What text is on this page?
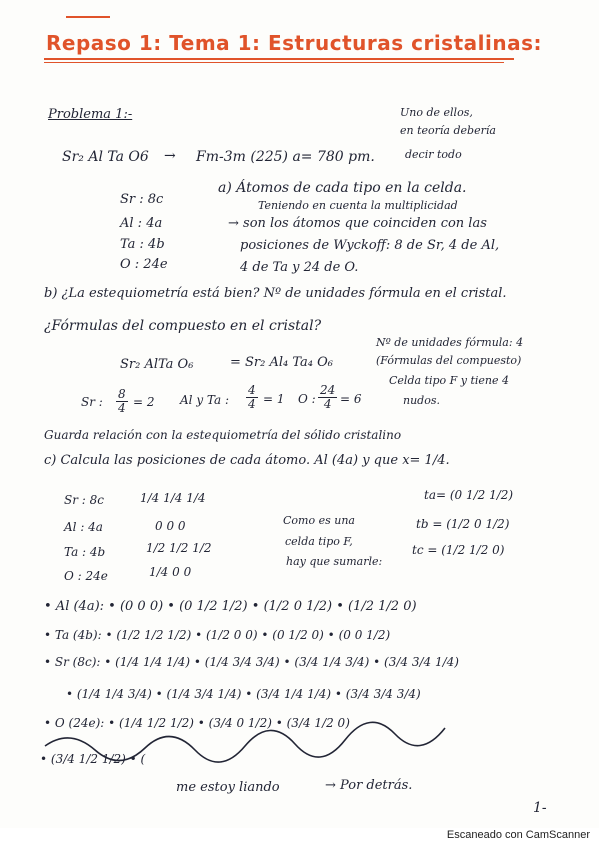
Repaso 1: Tema 1: Estructuras cristalinas:
Problema 1:-	Uno de ellos,
en teoría debería
decir todo
Sr₂ Al Ta O6 → Fm-3m (225) a= 780 pm.
Sr : 8c
Al : 4a
Ta : 4b
O : 24e
a) Átomos de cada tipo en la celda.
Teniendo en cuenta la multiplicidad
→ son los átomos que coinciden con las
posiciones de Wyckoff: 8 de Sr, 4 de Al,
4 de Ta y 24 de O.
b) ¿La estequiometría está bien? Nº de unidades fórmula en el cristal.
¿Fórmulas del compuesto en el cristal?
Sr₂ AlTa O₆	= Sr₂ Al₄ Ta₄ O₆
Nº de unidades fórmula: 4
(Fórmulas del compuesto)
Celda tipo F y tiene 4
nudos.
Sr : $\frac{8}{4} = 2$ Al y Ta : $\frac{4}{4} = 1$ O : $\frac{24}{4} = 6$
Guarda relación con la estequiometría del sólido cristalino
c) Calcula las posiciones de cada átomo. Al (4a) y que x= 1/4.
Sr : 8c	1/4 1/4 1/4
Al : 4a	0 0 0
Ta : 4b	1/2 1/2 1/2
O : 24e	1/4 0 0
Como es una
celda tipo F,
hay que sumarle:
ta= (0 1/2 1/2)
tb = (1/2 0 1/2)
tc = (1/2 1/2 0)
• Al (4a): • (0 0 0) • (0 1/2 1/2) • (1/2 0 1/2) • (1/2 1/2 0)
• Ta (4b): • (1/2 1/2 1/2) • (1/2 0 0) • (0 1/2 0) • (0 0 1/2)
• Sr (8c): • (1/4 1/4 1/4) • (1/4 3/4 3/4) • (3/4 1/4 3/4) • (3/4 3/4 1/4)
• (1/4 1/4 3/4) • (1/4 3/4 1/4) • (3/4 1/4 1/4) • (3/4 3/4 3/4)
• O (24e): • (1/4 1/2 1/2) • (3/4 0 1/2) • (3/4 1/2 0)
• (3/4 1/2 1/2) • (
me estoy liando	→ Por detrás.
1-
Escaneado con CamScanner
